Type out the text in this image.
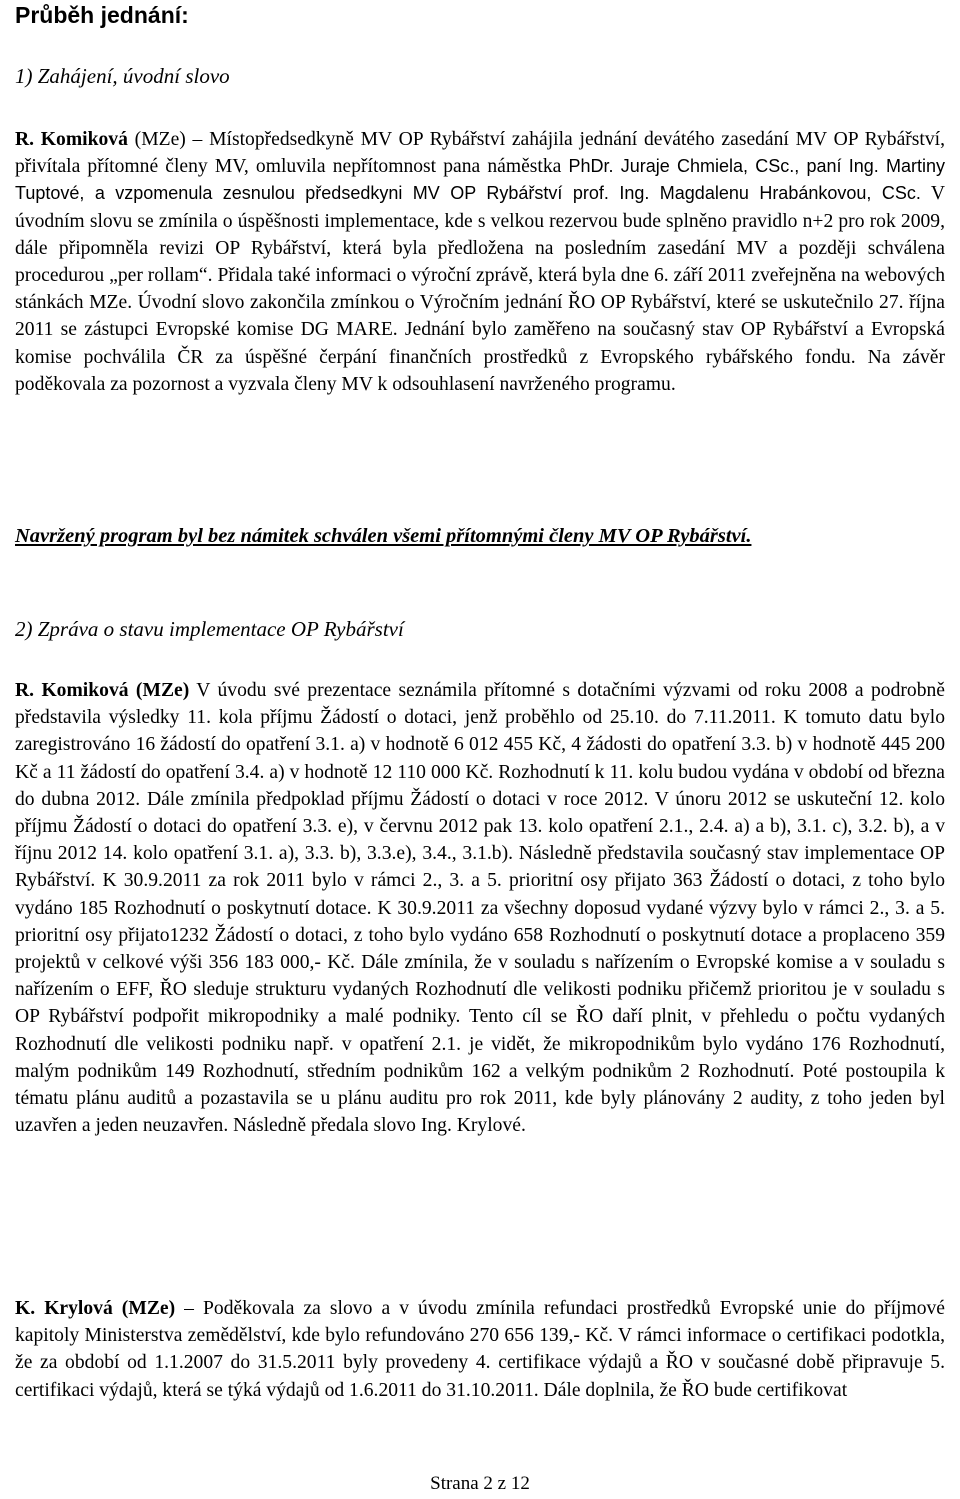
Průběh jednání:

1) Zahájení, úvodní slovo

R. Komiková (MZe) – Místopředsedkyně MV OP Rybářství zahájila jednání devátého zasedání MV OP Rybářství, přivítala přítomné členy MV, omluvila nepřítomnost pana náměstka PhDr. Juraje Chmiela, CSc., paní Ing. Martiny Tuptové, a vzpomenula zesnulou předsedkyni MV OP Rybářství prof. Ing. Magdalenu Hrabánkovou, CSc. V úvodním slovu se zmínila o úspěšnosti implementace, kde s velkou rezervou bude splněno pravidlo n+2 pro rok 2009, dále připomněla revizi OP Rybářství, která byla předložena na posledním zasedání MV a později schválena procedurou „per rollam“. Přidala také informaci o výroční zprávě, která byla dne 6. září 2011 zveřejněna na webových stánkách MZe. Úvodní slovo zakončila zmínkou o Výročním jednání ŘO OP Rybářství, které se uskutečnilo 27. října 2011 se zástupci Evropské komise DG MARE. Jednání bylo zaměřeno na současný stav OP Rybářství a Evropská komise pochválila ČR za úspěšné čerpání finančních prostředků z Evropského rybářského fondu. Na závěr poděkovala za pozornost a vyzvala členy MV k odsouhlasení navrženého programu.

Navržený program byl bez námitek schválen všemi přítomnými členy MV OP Rybářství.

2) Zpráva o stavu implementace OP Rybářství

R. Komiková (MZe) V úvodu své prezentace seznámila přítomné s dotačními výzvami od roku 2008 a podrobně představila výsledky 11. kola příjmu Žádostí o dotaci, jenž proběhlo od 25.10. do 7.11.2011. K tomuto datu bylo zaregistrováno 16 žádostí do opatření 3.1. a) v hodnotě 6 012 455 Kč, 4 žádosti do opatření 3.3. b) v hodnotě 445 200 Kč a 11 žádostí do opatření 3.4. a) v hodnotě 12 110 000 Kč. Rozhodnutí k 11. kolu budou vydána v období od března do dubna 2012. Dále zmínila předpoklad příjmu Žádostí o dotaci v roce 2012. V únoru 2012 se uskuteční 12. kolo příjmu Žádostí o dotaci do opatření 3.3. e), v červnu 2012 pak 13. kolo opatření 2.1., 2.4. a) a b), 3.1. c), 3.2. b), a v říjnu 2012 14. kolo opatření 3.1. a), 3.3. b), 3.3.e), 3.4., 3.1.b). Následně představila současný stav implementace OP Rybářství. K 30.9.2011 za rok 2011 bylo v rámci 2., 3. a 5. prioritní osy přijato 363 Žádostí o dotaci, z toho bylo vydáno 185 Rozhodnutí o poskytnutí dotace. K 30.9.2011 za všechny doposud vydané výzvy bylo v rámci 2., 3. a 5. prioritní osy přijato1232 Žádostí o dotaci, z toho bylo vydáno 658 Rozhodnutí o poskytnutí dotace a proplaceno 359 projektů v celkové výši 356 183 000,- Kč. Dále zmínila, že v souladu s nařízením o Evropské komise a v souladu s nařízením o EFF, ŘO sleduje strukturu vydaných Rozhodnutí dle velikosti podniku přičemž prioritou je v souladu s OP Rybářství podpořit mikropodniky a malé podniky. Tento cíl se ŘO daří plnit, v přehledu o počtu vydaných Rozhodnutí dle velikosti podniku např. v opatření 2.1. je vidět, že mikropodnikům bylo vydáno 176 Rozhodnutí, malým podnikům 149 Rozhodnutí, středním podnikům 162 a velkým podnikům 2 Rozhodnutí. Poté postoupila k tématu plánu auditů a pozastavila se u plánu auditu pro rok 2011, kde byly plánovány 2 audity, z toho jeden byl uzavřen a jeden neuzavřen. Následně předala slovo Ing. Krylové.

K. Krylová (MZe) – Poděkovala za slovo a v úvodu zmínila refundaci prostředků Evropské unie do příjmové kapitoly Ministerstva zemědělství, kde bylo refundováno 270 656 139,- Kč. V rámci informace o certifikaci podotkla, že za období od 1.1.2007 do 31.5.2011 byly provedeny 4. certifikace výdajů a ŘO v současné době připravuje 5. certifikaci výdajů, která se týká výdajů od 1.6.2011 do 31.10.2011. Dále doplnila, že ŘO bude certifikovat

Strana 2 z 12
